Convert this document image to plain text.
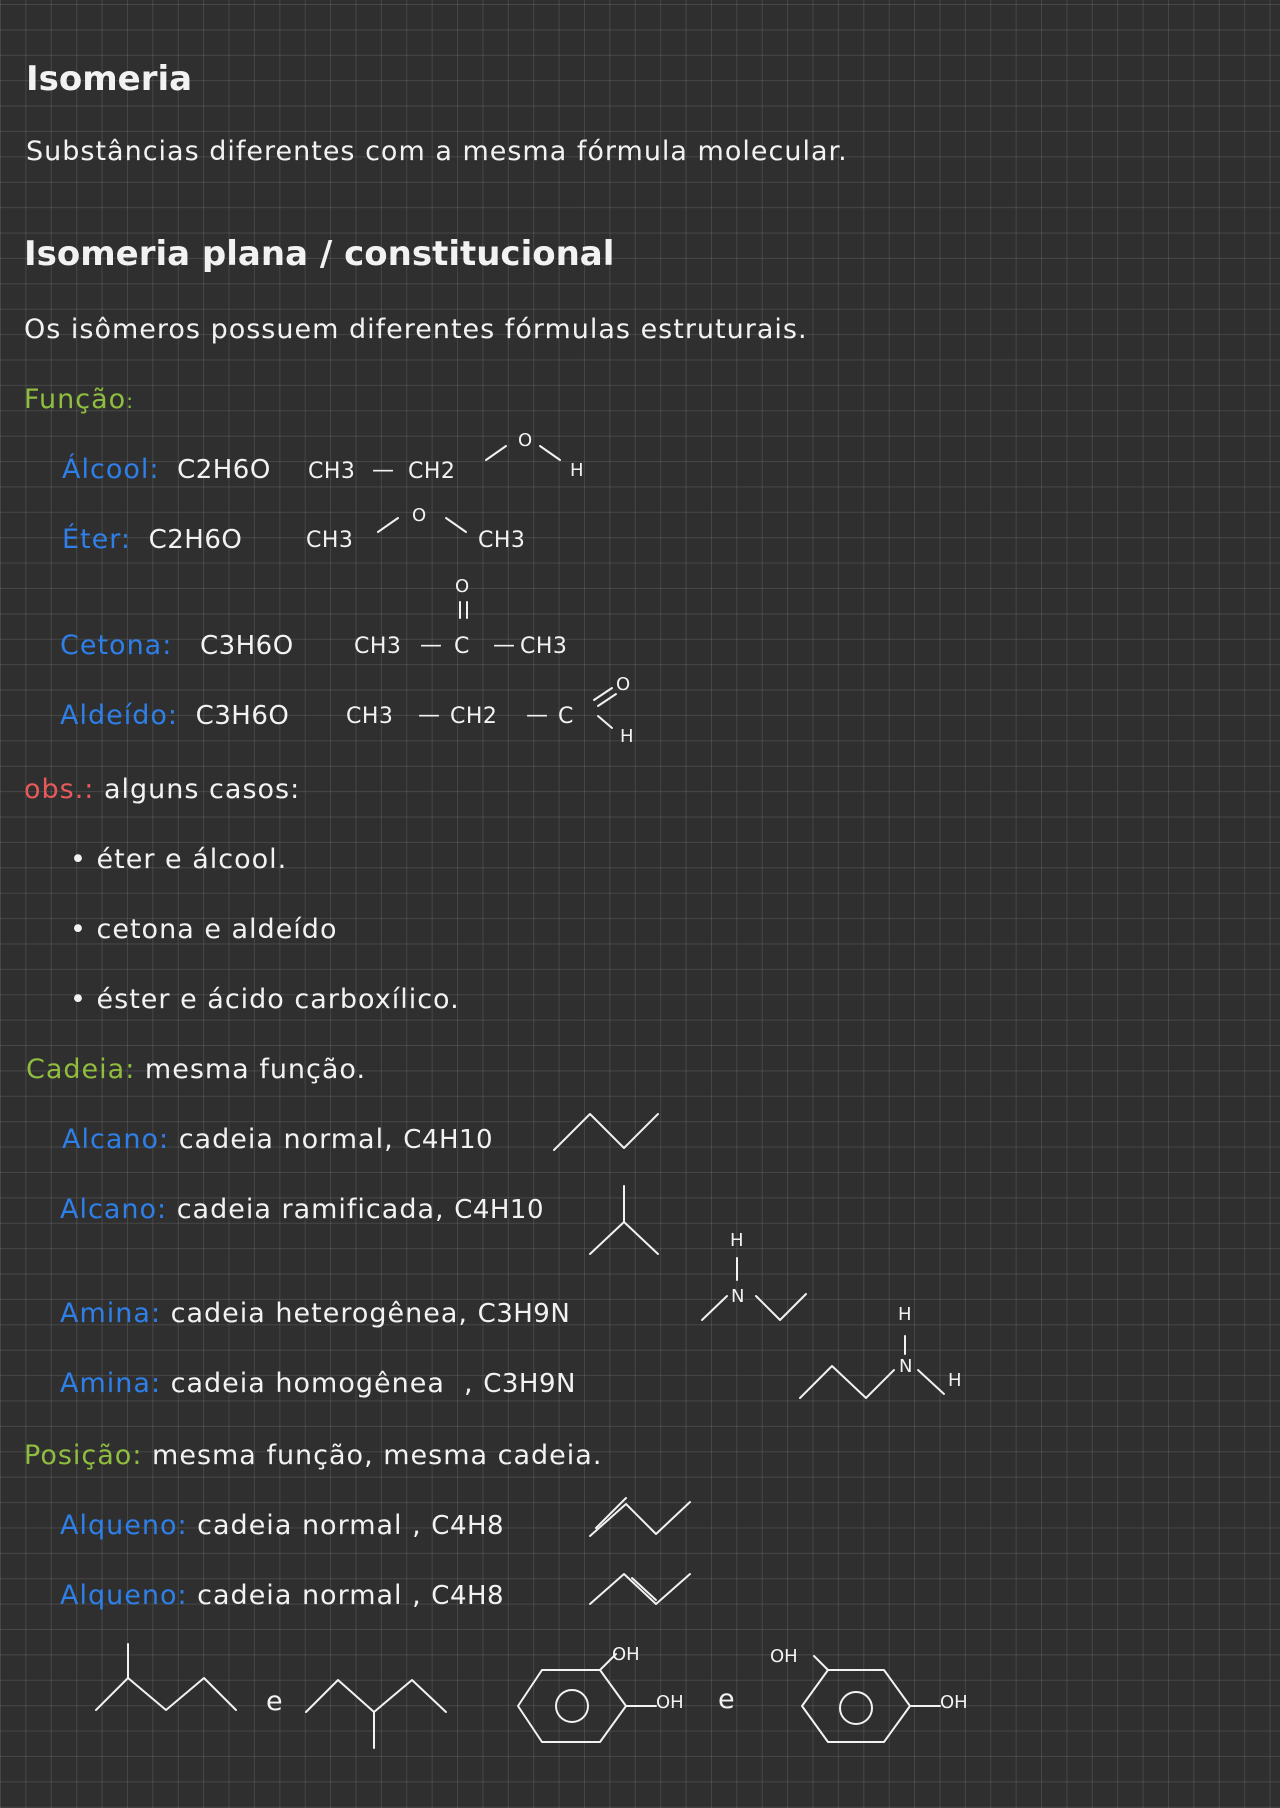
Isomeria
Substâncias diferentes com a mesma fórmula molecular.
Isomeria plana / constitucional
Os isômeros possuem diferentes fórmulas estruturais.
Função:
Álcool: C2H6O CH3 — CH2
O
H
Éter: C2H6O	CH3
O
CH3
Cetona: C3H6O	CH3 — C — CH3
O
Aldeído: C3H6O	CH3 — CH2 — C
O
H
obs.: alguns casos:
• éter e álcool.
• cetona e aldeído
• éster e ácido carboxílico.
Cadeia: mesma função.
Alcano: cadeia normal, C4H10
Alcano: cadeia ramificada, C4H10
Amina: cadeia heterogênea, C3H9N
Amina: cadeia homogênea  , C3H9N
H
N
H
N
H
Posição: mesma função, mesma cadeia.
Alqueno: cadeia normal , C4H8
Alqueno: cadeia normal , C4H8
e	e
OH
OH
OH
OH
